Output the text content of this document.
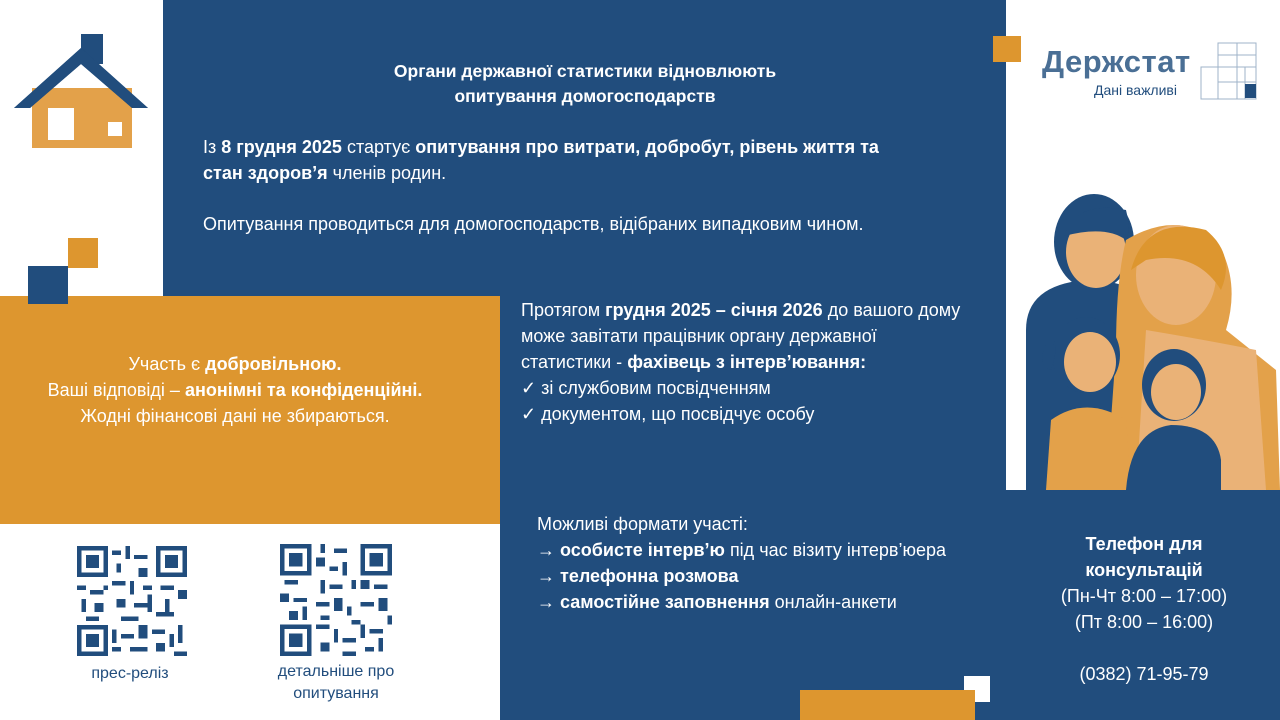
Органи державної статистики відновлюють
опитування домогосподарств
Із 8 грудня 2025 стартує опитування про витрати, добробут, рівень життя та стан здоров’я членів родин.
Опитування проводиться для домогосподарств, відібраних випадковим чином.
Участь є добровільною.
Ваші відповіді – анонімні та конфіденційні.
Жодні фінансові дані не збираються.
Протягом грудня 2025 – січня 2026 до вашого дому може завітати працівник органу державної статистики - фахівець з інтерв’ювання:
✓ зі службовим посвідченням
✓ документом, що посвідчує особу
Можливі формати участі:
→ особисте інтерв’ю під час візиту інтерв’юера
→ телефонна розмова
→ самостійне заповнення онлайн-анкети
Телефон для
консультацій
(Пн-Чт 8:00 – 17:00)
(Пт 8:00 – 16:00)
(0382) 71-95-79
Держстат
Дані важливі
прес-реліз	детальніше про
опитування
